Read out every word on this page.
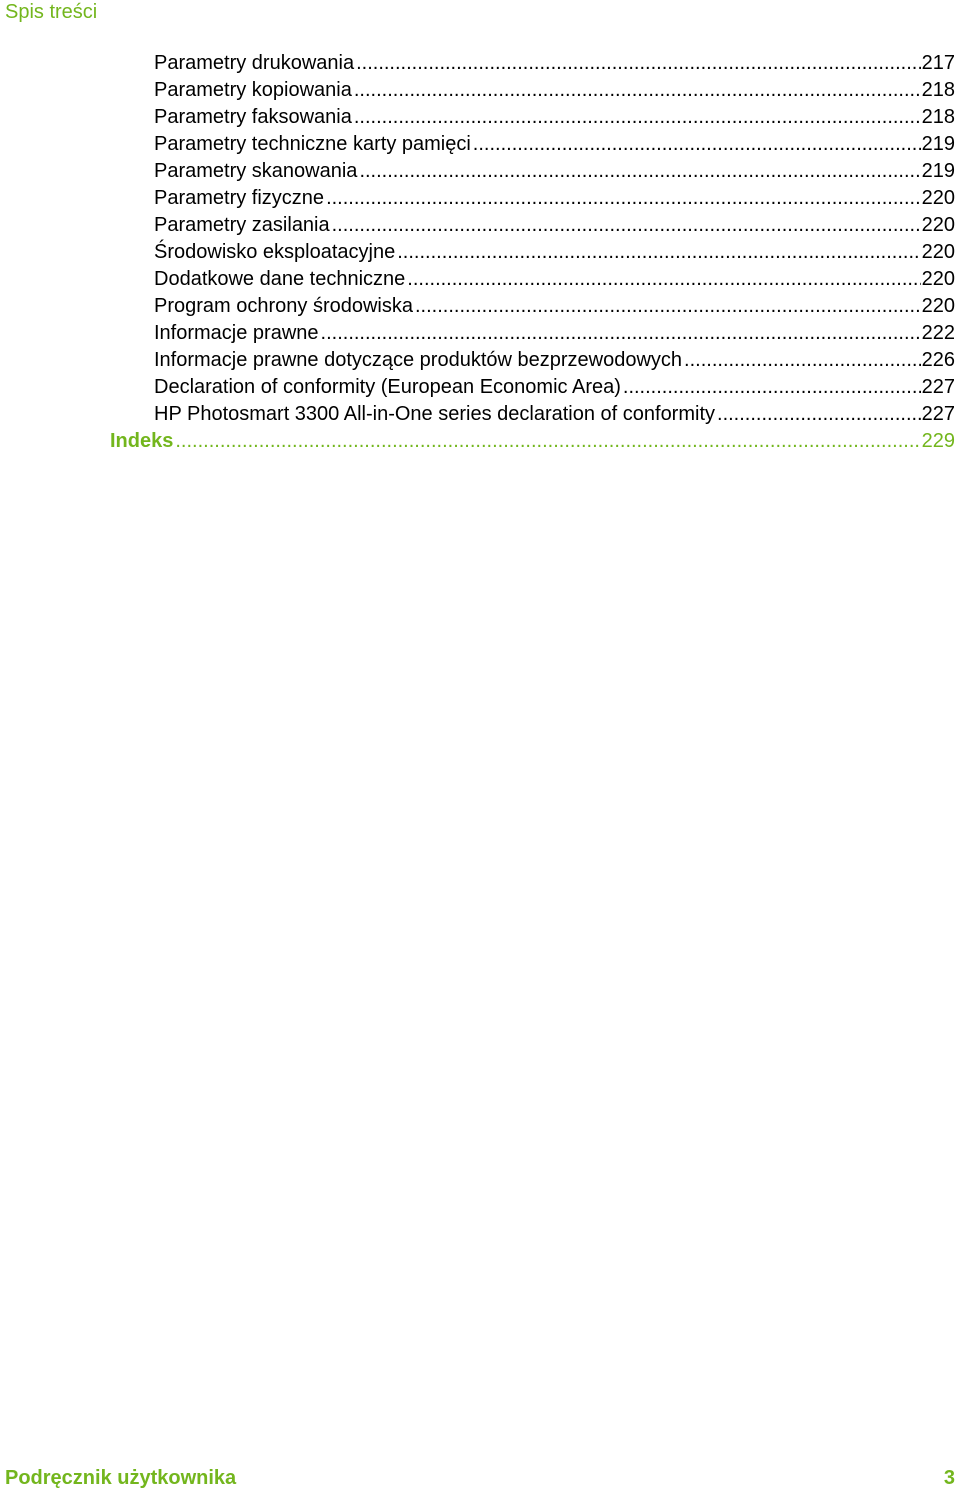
Spis treści
Parametry drukowania .....	217
Parametry kopiowania .....	218
Parametry faksowania .....	218
Parametry techniczne karty pamięci .....	219
Parametry skanowania .....	219
Parametry fizyczne .....	220
Parametry zasilania .....	220
Środowisko eksploatacyjne .....	220
Dodatkowe dane techniczne .....	220
Program ochrony środowiska .....	220
Informacje prawne .....	222
Informacje prawne dotyczące produktów bezprzewodowych .....	226
Declaration of conformity (European Economic Area) .....	227
HP Photosmart 3300 All-in-One series declaration of conformity .....	227
Indeks .....	229
Podręcznik użytkownika	3
